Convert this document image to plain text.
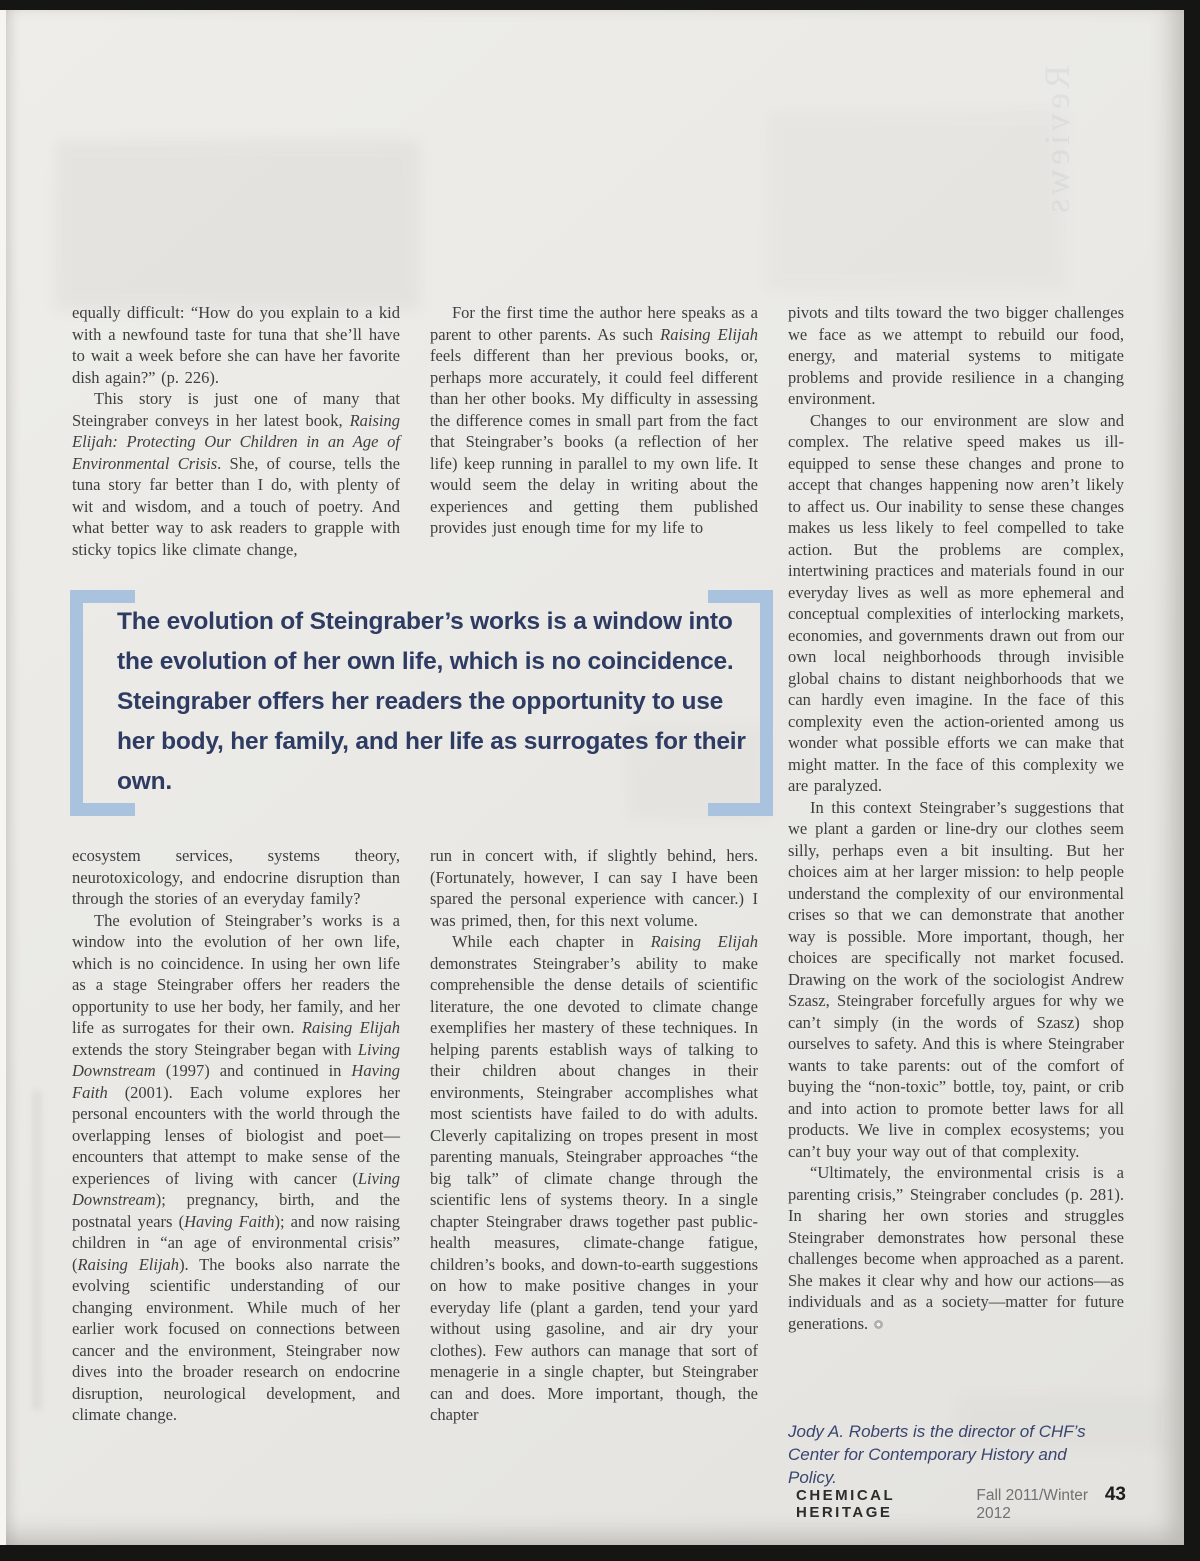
Reviews

equally difficult: “How do you explain to a kid with a newfound taste for tuna that she’ll have to wait a week before she can have her favorite dish again?” (p. 226).

This story is just one of many that Steingraber conveys in her latest book, Raising Elijah: Protecting Our Children in an Age of Environmental Crisis. She, of course, tells the tuna story far better than I do, with plenty of wit and wisdom, and a touch of poetry. And what better way to ask readers to grapple with sticky topics like climate change,

For the first time the author here speaks as a parent to other parents. As such Raising Elijah feels different than her previous books, or, perhaps more accurately, it could feel different than her other books. My difficulty in assessing the difference comes in small part from the fact that Steingraber’s books (a reflection of her life) keep running in parallel to my own life. It would seem the delay in writing about the experiences and getting them published provides just enough time for my life to

pivots and tilts toward the two bigger challenges we face as we attempt to rebuild our food, energy, and material systems to mitigate problems and provide resilience in a changing environment.

Changes to our environment are slow and complex. The relative speed makes us ill-equipped to sense these changes and prone to accept that changes happening now aren’t likely to affect us. Our inability to sense these changes makes us less likely to feel compelled to take action. But the problems are complex, intertwining practices and materials found in our everyday lives as well as more ephemeral and conceptual complexities of interlocking markets, economies, and governments drawn out from our own local neighborhoods through invisible global chains to distant neighborhoods that we can hardly even imagine. In the face of this complexity even the action-oriented among us wonder what possible efforts we can make that might matter. In the face of this complexity we are paralyzed.

In this context Steingraber’s suggestions that we plant a garden or line-dry our clothes seem silly, perhaps even a bit insulting. But her choices aim at her larger mission: to help people understand the complexity of our environmental crises so that we can demonstrate that another way is possible. More important, though, her choices are specifically not market focused. Drawing on the work of the sociologist Andrew Szasz, Steingraber forcefully argues for why we can’t simply (in the words of Szasz) shop ourselves to safety. And this is where Steingraber wants to take parents: out of the comfort of buying the “non-toxic” bottle, toy, paint, or crib and into action to promote better laws for all products. We live in complex ecosystems; you can’t buy your way out of that complexity.

“Ultimately, the environmental crisis is a parenting crisis,” Steingraber concludes (p. 281). In sharing her own stories and struggles Steingraber demonstrates how personal these challenges become when approached as a parent. She makes it clear why and how our actions—as individuals and as a society—matter for future generations.

ecosystem services, systems theory, neurotoxicology, and endocrine disruption than through the stories of an everyday family?

The evolution of Steingraber’s works is a window into the evolution of her own life, which is no coincidence. In using her own life as a stage Steingraber offers her readers the opportunity to use her body, her family, and her life as surrogates for their own. Raising Elijah extends the story Steingraber began with Living Downstream (1997) and continued in Having Faith (2001). Each volume explores her personal encounters with the world through the overlapping lenses of biologist and poet—encounters that attempt to make sense of the experiences of living with cancer (Living Downstream); pregnancy, birth, and the postnatal years (Having Faith); and now raising children in “an age of environmental crisis” (Raising Elijah). The books also narrate the evolving scientific understanding of our changing environment. While much of her earlier work focused on connections between cancer and the environment, Steingraber now dives into the broader research on endocrine disruption, neurological development, and climate change.

run in concert with, if slightly behind, hers. (Fortunately, however, I can say I have been spared the personal experience with cancer.) I was primed, then, for this next volume.

While each chapter in Raising Elijah demonstrates Steingraber’s ability to make comprehensible the dense details of scientific literature, the one devoted to climate change exemplifies her mastery of these techniques. In helping parents establish ways of talking to their children about changes in their environments, Steingraber accomplishes what most scientists have failed to do with adults. Cleverly capitalizing on tropes present in most parenting manuals, Steingraber approaches “the big talk” of climate change through the scientific lens of systems theory. In a single chapter Steingraber draws together past public-health measures, climate-change fatigue, children’s books, and down-to-earth suggestions on how to make positive changes in your everyday life (plant a garden, tend your yard without using gasoline, and air dry your clothes). Few authors can manage that sort of menagerie in a single chapter, but Steingraber can and does. More important, though, the chapter

The evolution of Steingraber’s works is a window into the evolution of her own life, which is no coincidence. Steingraber offers her readers the opportunity to use her body, her family, and her life as surrogates for their own.
Jody A. Roberts is the director of CHF’s Center for Contemporary History and Policy.
CHEMICAL HERITAGE
Fall 2011/Winter 2012
43
